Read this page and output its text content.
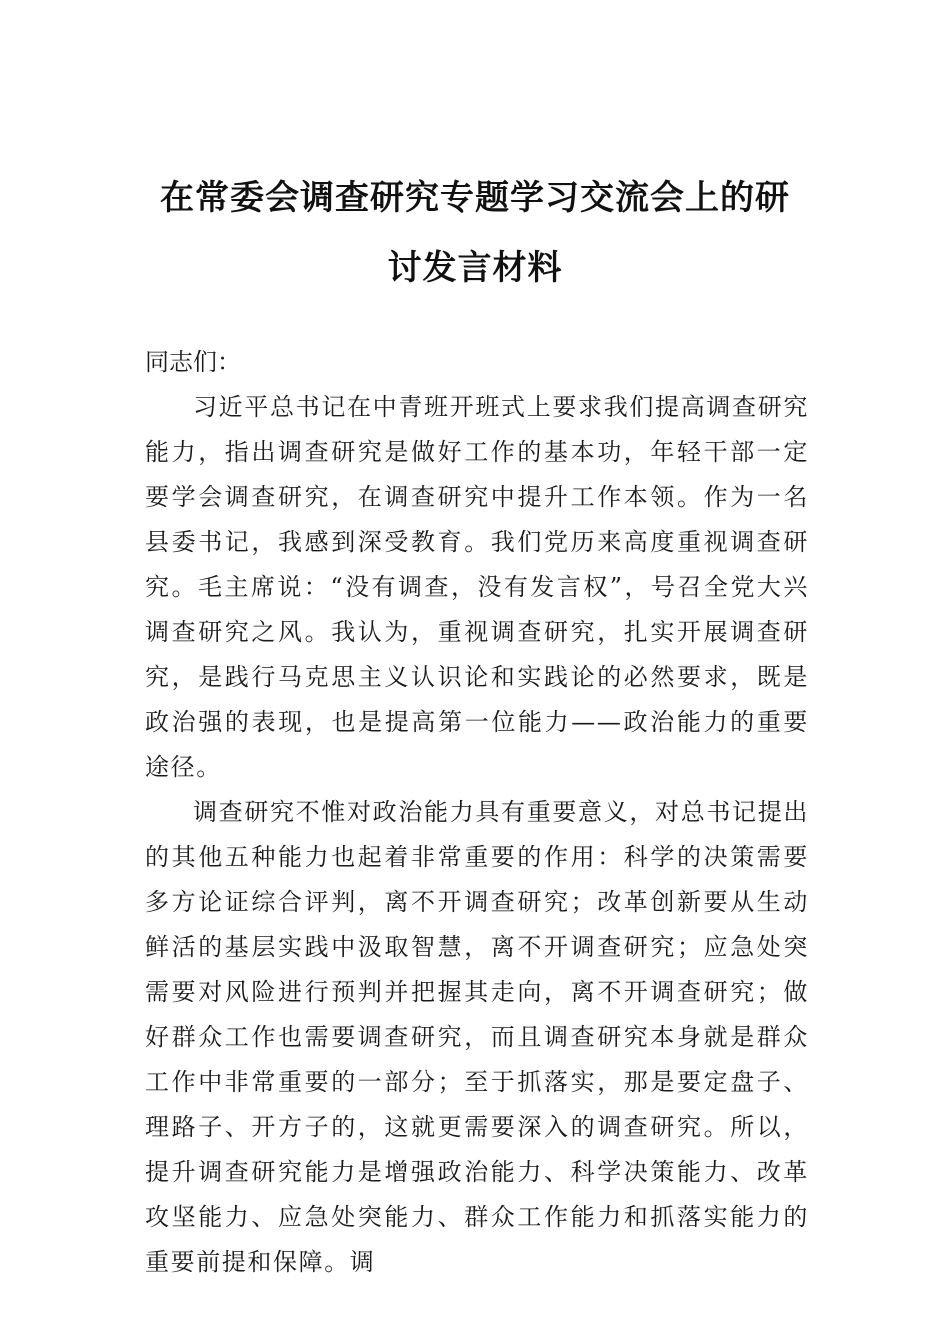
在常委会调查研究专题学习交流会上的研
讨发言材料

同志们：

习近平总书记在中青班开班式上要求我们提高调查研究能力，指出调查研究是做好工作的基本功，年轻干部一定要学会调查研究，在调查研究中提升工作本领。作为一名县委书记，我感到深受教育。我们党历来高度重视调查研究。毛主席说：“没有调查，没有发言权”，号召全党大兴调查研究之风。我认为，重视调查研究，扎实开展调查研究，是践行马克思主义认识论和实践论的必然要求，既是政治强的表现，也是提高第一位能力——政治能力的重要途径。

调查研究不惟对政治能力具有重要意义，对总书记提出的其他五种能力也起着非常重要的作用：科学的决策需要多方论证综合评判，离不开调查研究；改革创新要从生动鲜活的基层实践中汲取智慧，离不开调查研究；应急处突需要对风险进行预判并把握其走向，离不开调查研究；做好群众工作也需要调查研究，而且调查研究本身就是群众工作中非常重要的一部分；至于抓落实，那是要定盘子、理路子、开方子的，这就更需要深入的调查研究。所以，提升调查研究能力是增强政治能力、科学决策能力、改革攻坚能力、应急处突能力、群众工作能力和抓落实能力的重要前提和保障。调
